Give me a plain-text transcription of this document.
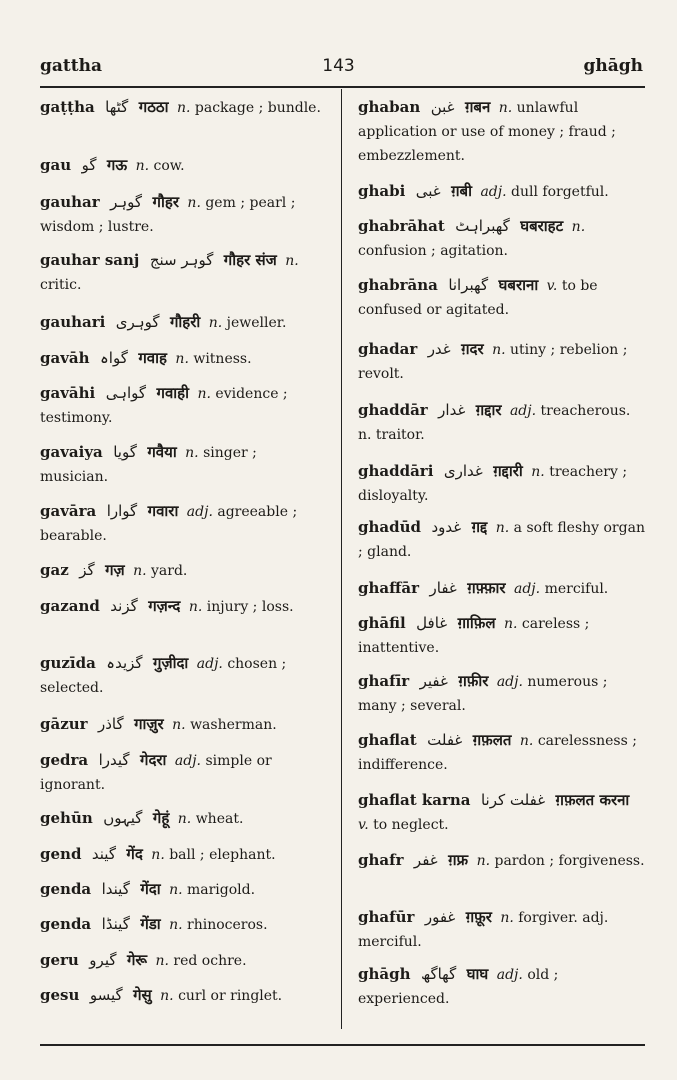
gattha	143	ghāgh

gaṭṭha گٹھا गठठा n. package ; bundle.

gau گو गऊ n. cow.

gauhar گوہر गौहर n. gem ; pearl ; wisdom ; lustre.

gauhar sanj گوہر سنج गौहर संज n. critic.

gauhari گوہری गौहरी n. jeweller.

gavāh گواہ गवाह n. witness.

gavāhi گواہی गवाही n. evidence ; testimony.

gavaiya گویا गवैया n. singer ; musician.

gavāra گوارا गवारा adj. agreeable ; bearable.

gaz گز गज़ n. yard.

gazand گزند गज़न्द n. injury ; loss.

guzīda گزیدہ गुज़ीदा adj. chosen ; selected.

gāzur گاذر गाज़ुर n. washerman.

gedra گیدرا गेदरा adj. simple or ignorant.

gehūn گیہوں गेहूं n. wheat.

gend گیند गेंद n. ball ; elephant.

genda گیندا गेंदा n. marigold.

genda گینڈا गेंडा n. rhinoceros.

geru گیرو गेरू n. red ochre.

gesu گیسو गेसु n. curl or ringlet.

ghaban غبن ग़बन n. unlawful application or use of money ; fraud ; embezzlement.

ghabi غبی ग़बी adj. dull forgetful.

ghabrāhat گھبراہٹ घबराहट n. confusion ; agitation.

ghabrāna گھبرانا घबराना v. to be confused or agitated.

ghadar غدر ग़दर n. utiny ; rebelion ; revolt.

ghaddār غدار ग़द्दार adj. treacherous. n. traitor.

ghaddāri غداری ग़द्दारी n. treachery ; disloyalty.

ghadūd غدود ग़द्द n. a soft fleshy organ ; gland.

ghaffār غفار ग़फ़्फ़ार adj. merciful.

ghāfil غافل ग़ाफ़िल n. careless ; inattentive.

ghafīr غفیر ग़फ़ीर adj. numerous ; many ; several.

ghaflat غفلت ग़फ़लत n. carelessness ; indifference.

ghaflat karna غفلت کرنا ग़फ़लत करना v. to neglect.

ghafr غفر ग़फ्र n. pardon ; forgiveness.

ghafūr غفور ग़फ़ूर n. forgiver. adj. merciful.

ghāgh گھاگھ घाघ adj. old ; experienced.
